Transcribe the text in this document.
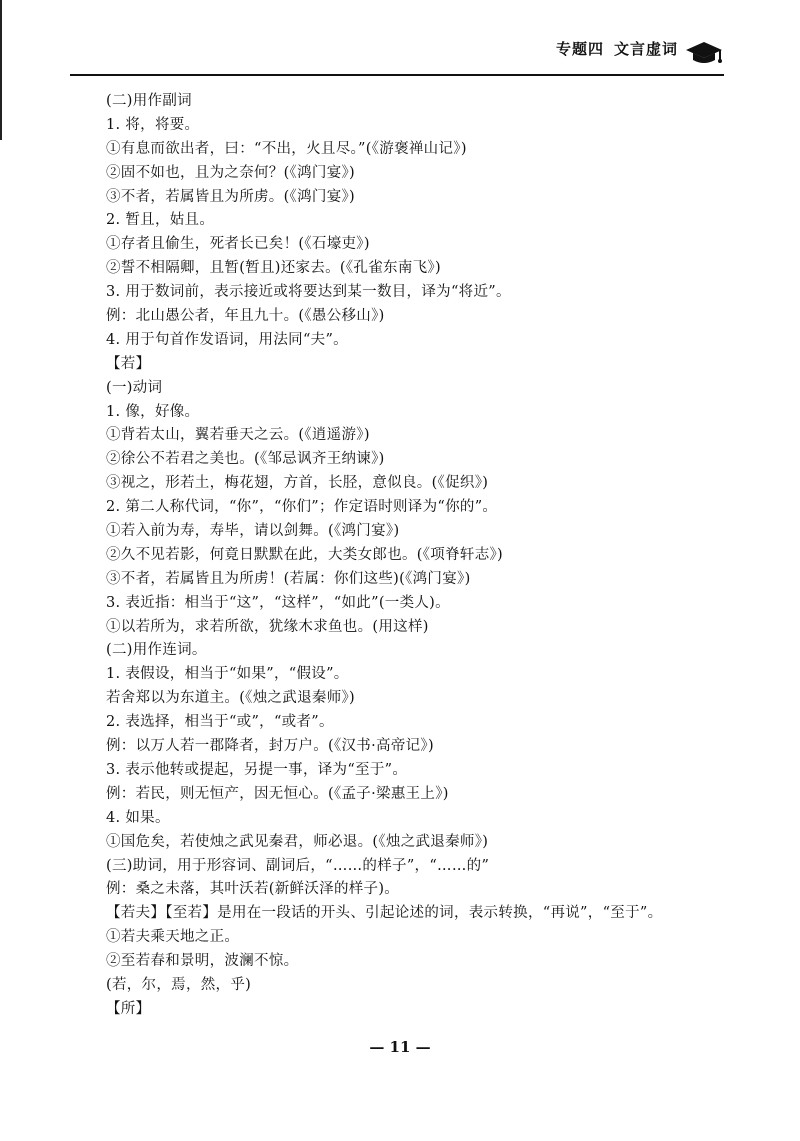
专题四 文言虚词
(二)用作副词
1. 将，将要。
①有息而欲出者，曰：“不出，火且尽。”(《游褒禅山记》)
②固不如也，且为之奈何？(《鸿门宴》)
③不者，若属皆且为所虏。(《鸿门宴》)
2. 暂且，姑且。
①存者且偷生，死者长已矣！(《石壕吏》)
②誓不相隔卿，且暂(暂且)还家去。(《孔雀东南飞》)
3. 用于数词前，表示接近或将要达到某一数目，译为“将近”。
例：北山愚公者，年且九十。(《愚公移山》)
4. 用于句首作发语词，用法同“夫”。
【若】
(一)动词
1. 像，好像。
①背若太山，翼若垂天之云。(《逍遥游》)
②徐公不若君之美也。(《邹忌讽齐王纳谏》)
③视之，形若土，梅花翅，方首，长胫，意似良。(《促织》)
2. 第二人称代词，“你”，“你们”；作定语时则译为“你的”。
①若入前为寿，寿毕，请以剑舞。(《鸿门宴》)
②久不见若影，何竟日默默在此，大类女郎也。(《项脊轩志》)
③不者，若属皆且为所虏！(若属：你们这些)(《鸿门宴》)
3. 表近指：相当于“这”，“这样”，“如此”(一类人)。
①以若所为，求若所欲，犹缘木求鱼也。(用这样)
(二)用作连词。
1. 表假设，相当于“如果”，“假设”。
若舍郑以为东道主。(《烛之武退秦师》)
2. 表选择，相当于“或”，“或者”。
例：以万人若一郡降者，封万户。(《汉书·高帝记》)
3. 表示他转或提起，另提一事，译为“至于”。
例：若民，则无恒产，因无恒心。(《孟子·梁惠王上》)
4. 如果。
①国危矣，若使烛之武见秦君，师必退。(《烛之武退秦师》)
(三)助词，用于形容词、副词后，“……的样子”，“……的”
例：桑之未落，其叶沃若(新鲜沃泽的样子)。
【若夫】【至若】是用在一段话的开头、引起论述的词，表示转换，“再说”，“至于”。
①若夫乘天地之正。
②至若春和景明，波澜不惊。
(若，尔，焉，然，乎)
【所】
— 11 —
